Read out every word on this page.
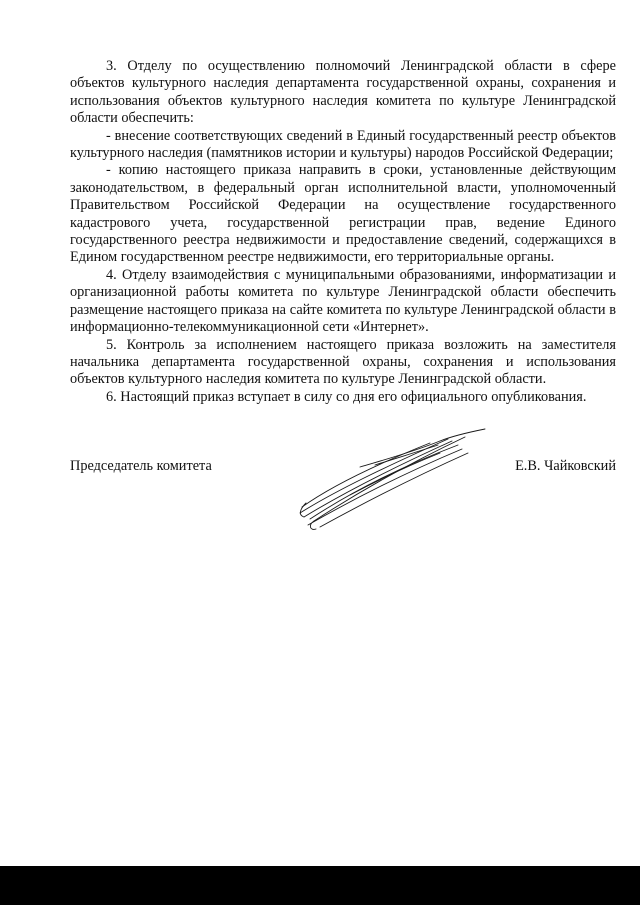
3. Отделу по осуществлению полномочий Ленинградской области в сфере объектов культурного наследия департамента государственной охраны, сохранения и использования объектов культурного наследия комитета по культуре Ленинградской области обеспечить:

- внесение соответствующих сведений в Единый государственный реестр объектов культурного наследия (памятников истории и культуры) народов Российской Федерации;

- копию настоящего приказа направить в сроки, установленные действующим законодательством, в федеральный орган исполнительной власти, уполномоченный Правительством Российской Федерации на осуществление государственного кадастрового учета, государственной регистрации прав, ведение Единого государственного реестра недвижимости и предоставление сведений, содержащихся в Едином государственном реестре недвижимости, его территориальные органы.

4. Отделу взаимодействия с муниципальными образованиями, информатизации и организационной работы комитета по культуре Ленинградской области обеспечить размещение настоящего приказа на сайте комитета по культуре Ленинградской области в информационно-телекоммуникационной сети «Интернет».

5. Контроль за исполнением настоящего приказа возложить на заместителя начальника департамента государственной охраны, сохранения и использования объектов культурного наследия комитета по культуре Ленинградской области.

6. Настоящий приказ вступает в силу со дня его официального опубликования.

Председатель комитета	Е.В. Чайковский
